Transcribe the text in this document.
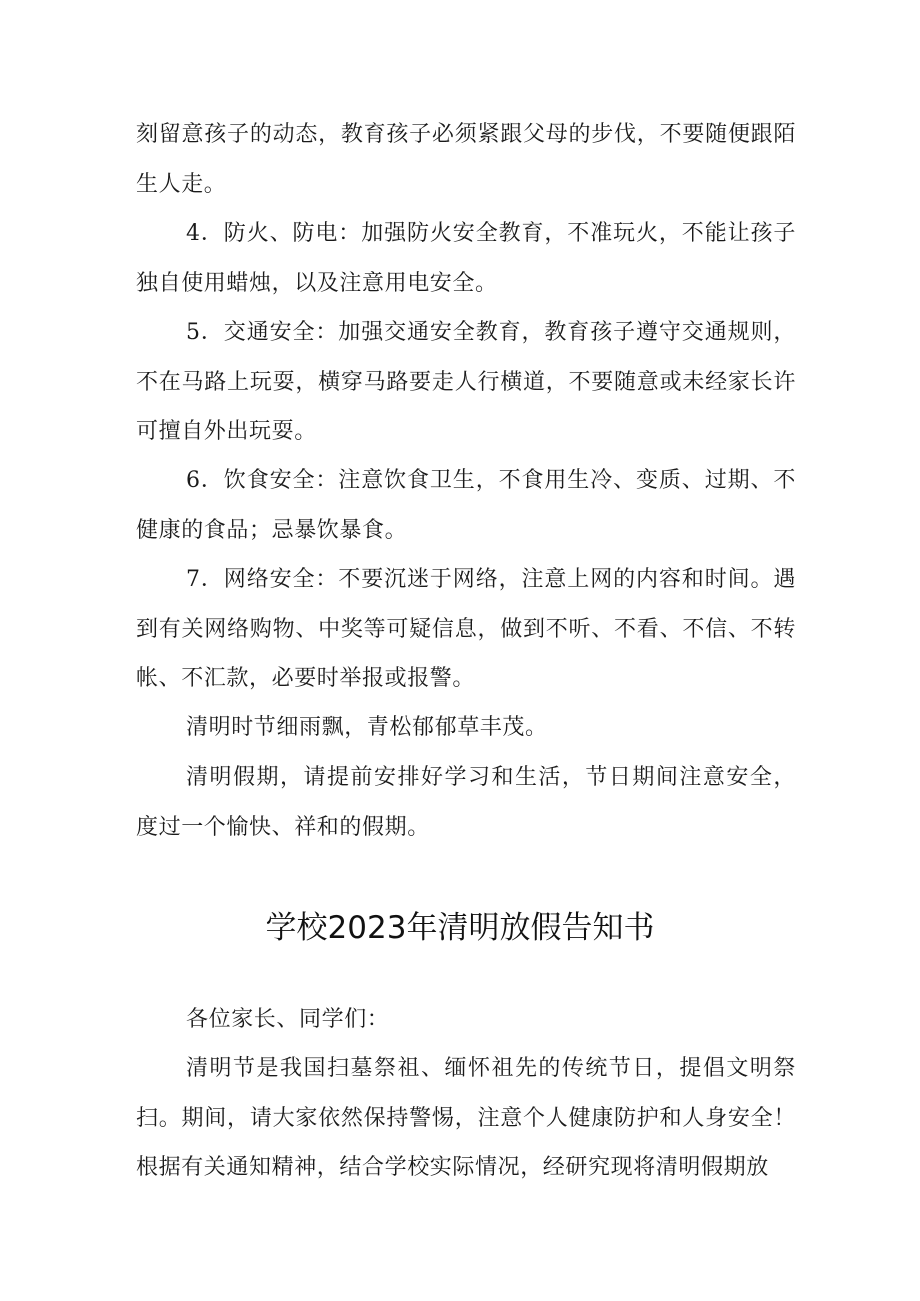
刻留意孩子的动态，教育孩子必须紧跟父母的步伐，不要随便跟陌生人走。

4．防火、防电：加强防火安全教育，不准玩火，不能让孩子独自使用蜡烛，以及注意用电安全。

5．交通安全：加强交通安全教育，教育孩子遵守交通规则，不在马路上玩耍，横穿马路要走人行横道，不要随意或未经家长许可擅自外出玩耍。

6．饮食安全：注意饮食卫生，不食用生冷、变质、过期、不健康的食品；忌暴饮暴食。

7．网络安全：不要沉迷于网络，注意上网的内容和时间。遇到有关网络购物、中奖等可疑信息，做到不听、不看、不信、不转帐、不汇款，必要时举报或报警。

清明时节细雨飘，青松郁郁草丰茂。

清明假期，请提前安排好学习和生活，节日期间注意安全，度过一个愉快、祥和的假期。

学校2023年清明放假告知书

各位家长、同学们：

清明节是我国扫墓祭祖、缅怀祖先的传统节日，提倡文明祭扫。期间，请大家依然保持警惕，注意个人健康防护和人身安全！根据有关通知精神，结合学校实际情况，经研究现将清明假期放
